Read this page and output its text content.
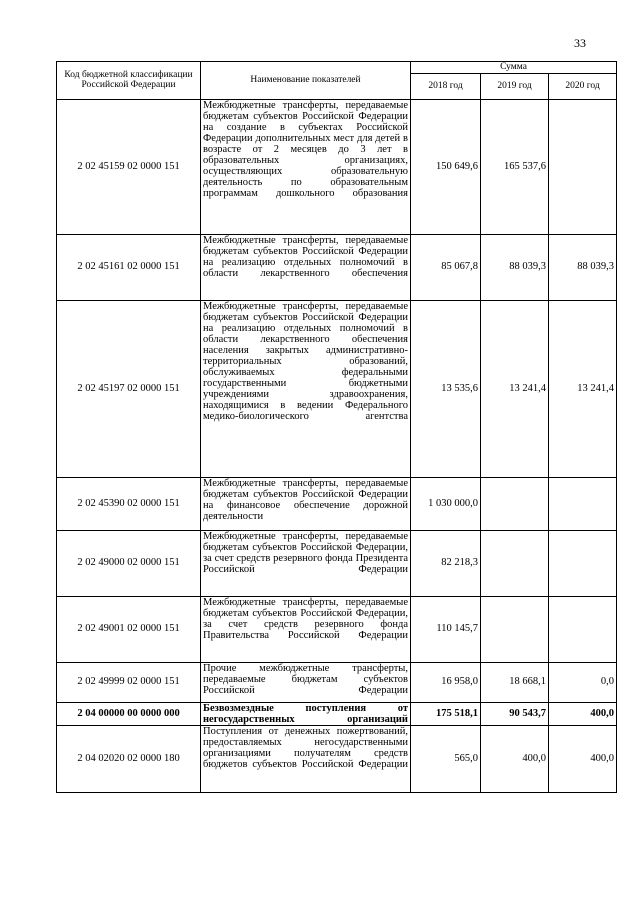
33
Код бюджетной классификации Российской Федерации	Наименование показателей	Сумма		
		2018 год	2019 год	2020 год
2 02 45159 02 0000 151	Межбюджетные трансферты, передаваемые бюджетам субъектов Российской Федерации на создание в субъектах Российской Федерации дополнительных мест для детей в возрасте от 2 месяцев до 3 лет в образовательных организациях, осуществляющих образовательную деятельность по образовательным программам дошкольного образования	150 649,6	165 537,6	
2 02 45161 02 0000 151	Межбюджетные трансферты, передаваемые бюджетам субъектов Российской Федерации на реализацию отдельных полномочий в области лекарственного обеспечения	85 067,8	88 039,3	88 039,3
2 02 45197 02 0000 151	Межбюджетные трансферты, передаваемые бюджетам субъектов Российской Федерации на реализацию отдельных полномочий в области лекарственного обеспечения населения закрытых административно-территориальных образований, обслуживаемых федеральными государственными бюджетными учреждениями здравоохранения, находящимися в ведении Федерального медико-биологического агентства	13 535,6	13 241,4	13 241,4
2 02 45390 02 0000 151	Межбюджетные трансферты, передаваемые бюджетам субъектов Российской Федерации на финансовое обеспечение дорожной деятельности	1 030 000,0		
2 02 49000 02 0000 151	Межбюджетные трансферты, передаваемые бюджетам субъектов Российской Федерации, за счет средств резервного фонда Президента Российской Федерации	82 218,3		
2 02 49001 02 0000 151	Межбюджетные трансферты, передаваемые бюджетам субъектов Российской Федерации, за счет средств резервного фонда Правительства Российской Федерации	110 145,7		
2 02 49999 02 0000 151	Прочие межбюджетные трансферты, передаваемые бюджетам субъектов Российской Федерации	16 958,0	18 668,1	0,0
2 04 00000 00 0000 000	Безвозмездные поступления от негосударственных организаций	175 518,1	90 543,7	400,0
2 04 02020 02 0000 180	Поступления от денежных пожертвований, предоставляемых негосударственными организациями получателям средств бюджетов субъектов Российской Федерации	565,0	400,0	400,0
